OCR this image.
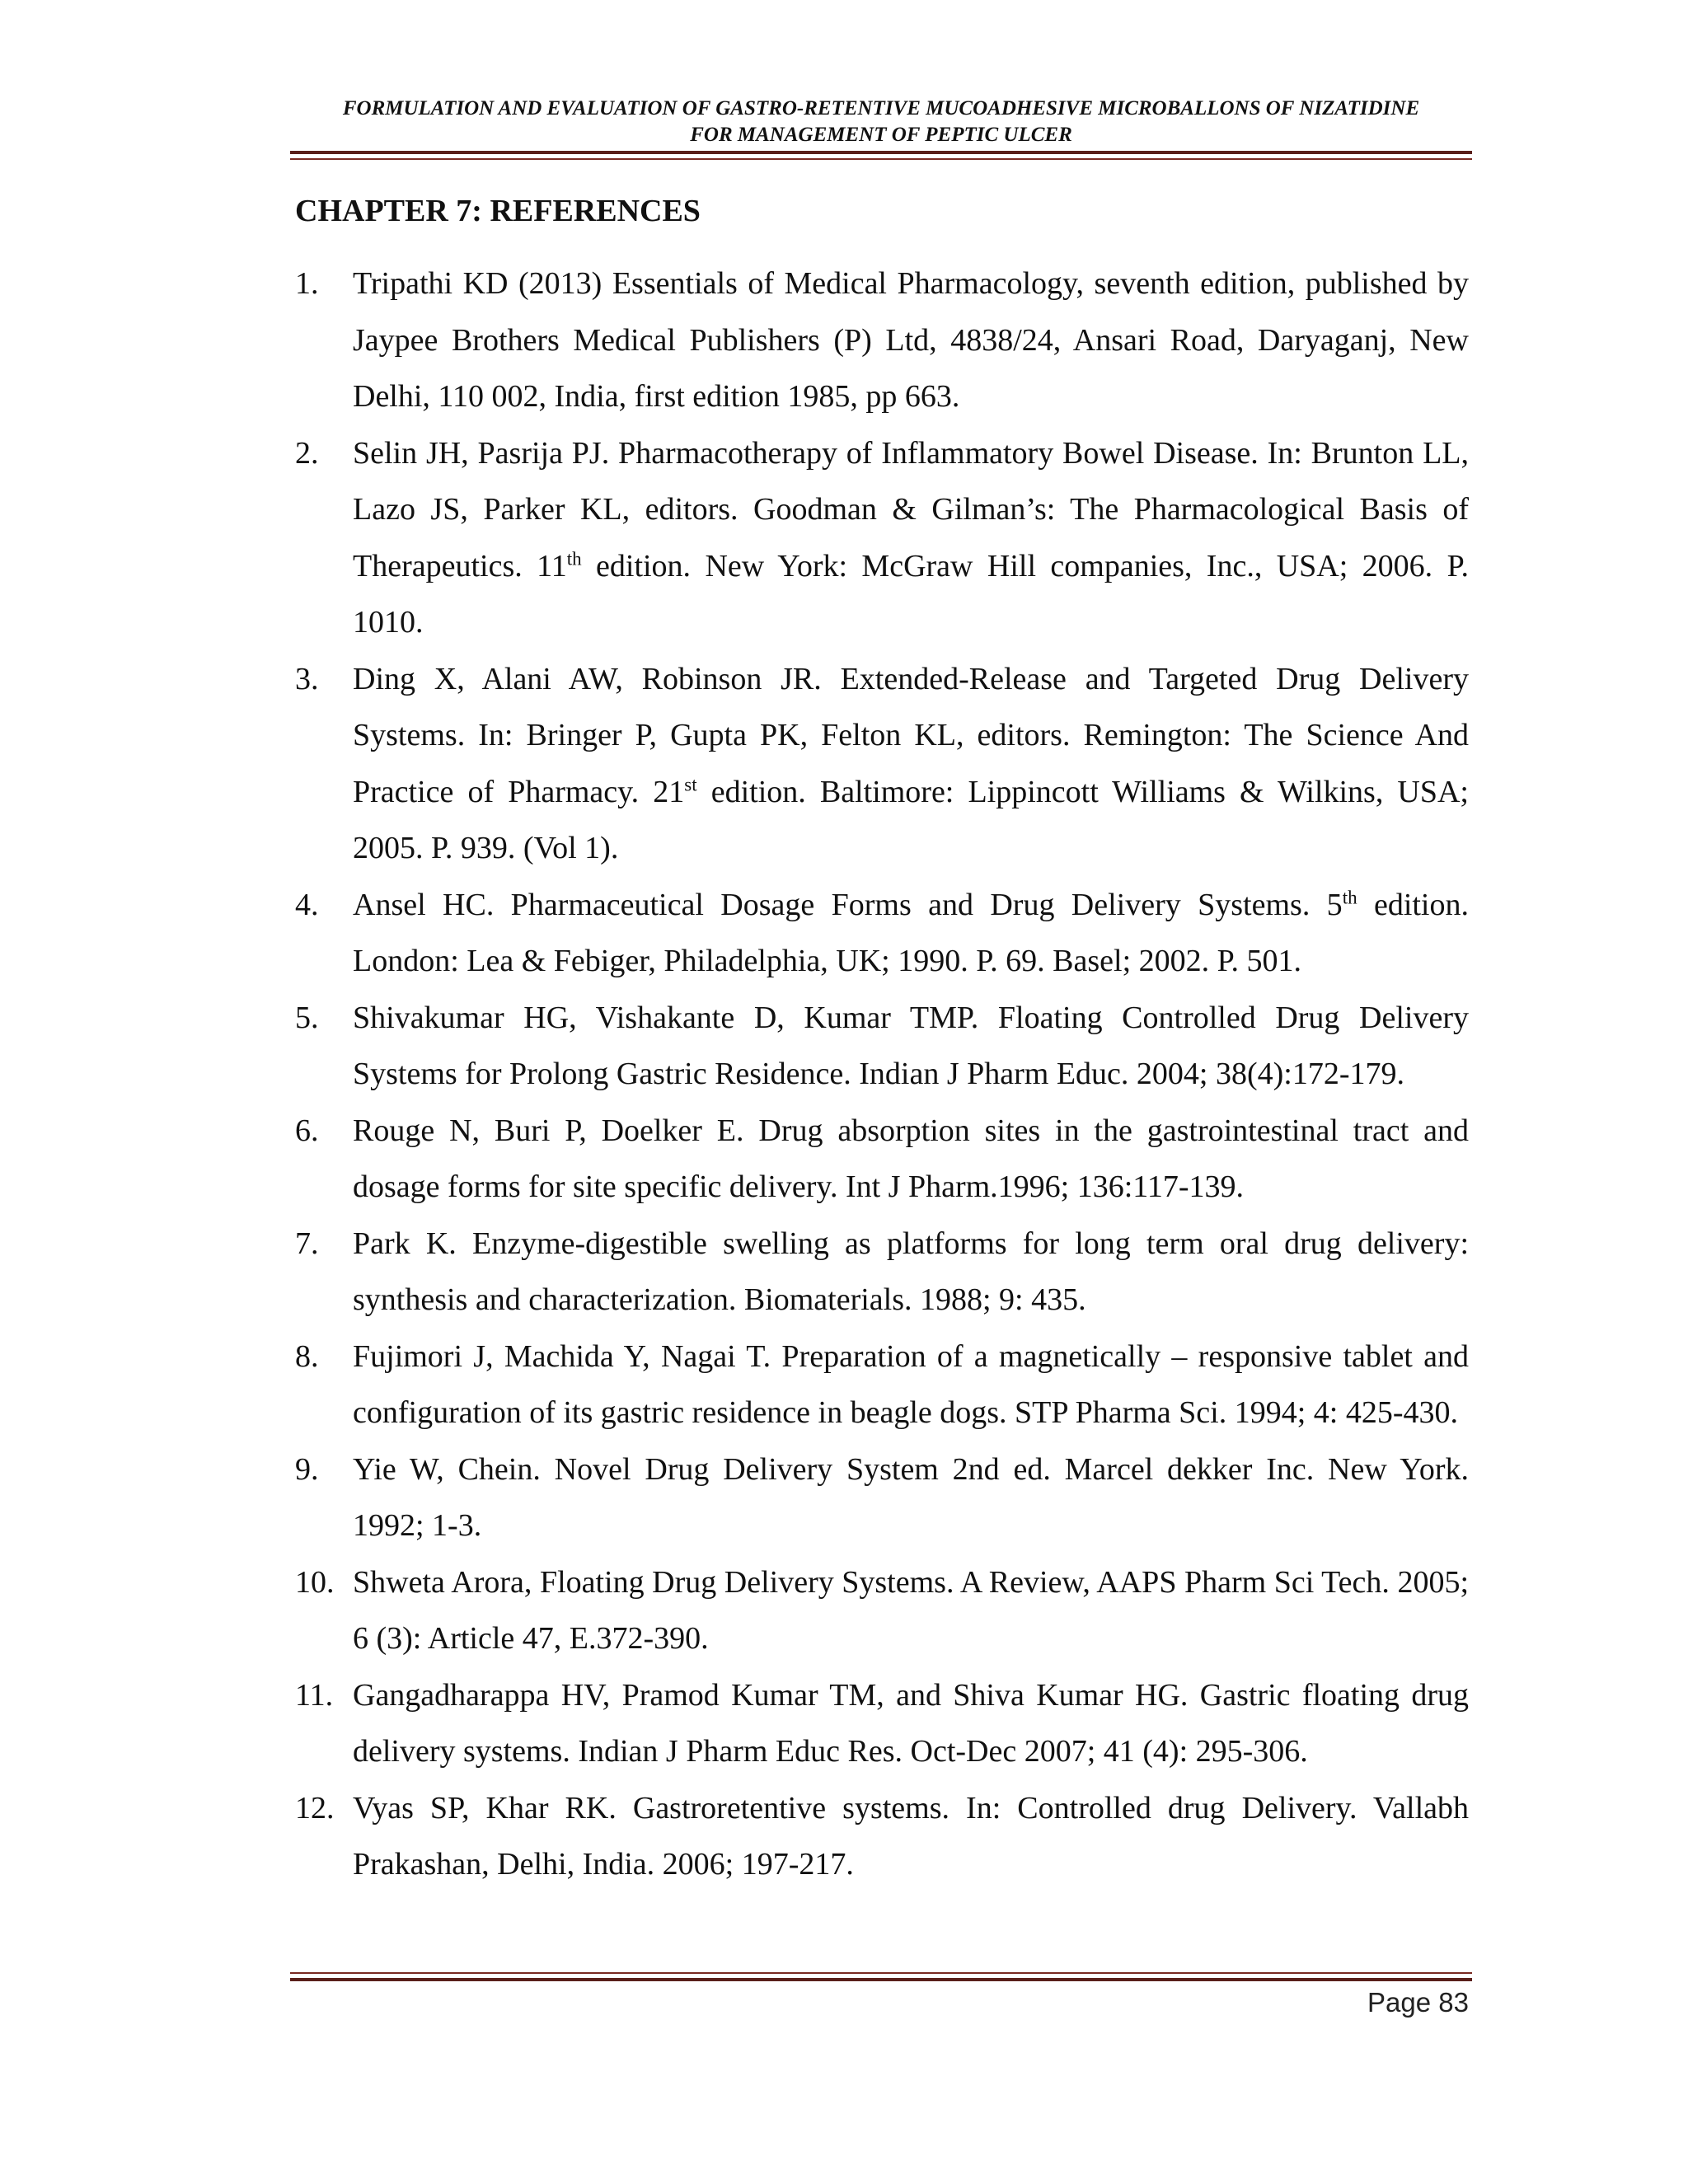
FORMULATION AND EVALUATION OF GASTRO-RETENTIVE MUCOADHESIVE MICROBALLONS OF NIZATIDINE
FOR MANAGEMENT OF PEPTIC ULCER
CHAPTER 7: REFERENCES
1.	Tripathi KD (2013) Essentials of Medical Pharmacology, seventh edition, published by Jaypee Brothers Medical Publishers (P) Ltd, 4838/24, Ansari Road, Daryaganj, New Delhi, 110 002, India, first edition 1985, pp 663.
2.	Selin JH, Pasrija PJ. Pharmacotherapy of Inflammatory Bowel Disease. In: Brunton LL, Lazo JS, Parker KL, editors. Goodman & Gilman’s: The Pharmacological Basis of Therapeutics. 11th edition. New York: McGraw Hill companies, Inc., USA; 2006. P. 1010.
3.	Ding X, Alani AW, Robinson JR. Extended-Release and Targeted Drug Delivery Systems. In: Bringer P, Gupta PK, Felton KL, editors. Remington: The Science And Practice of Pharmacy. 21st edition. Baltimore: Lippincott Williams & Wilkins, USA; 2005. P. 939. (Vol 1).
4.	Ansel HC. Pharmaceutical Dosage Forms and Drug Delivery Systems. 5th edition. London: Lea & Febiger, Philadelphia, UK; 1990. P. 69. Basel; 2002. P. 501.
5.	Shivakumar HG, Vishakante D, Kumar TMP. Floating Controlled Drug Delivery Systems for Prolong Gastric Residence. Indian J Pharm Educ. 2004; 38(4):172-179.
6.	Rouge N, Buri P, Doelker E. Drug absorption sites in the gastrointestinal tract and dosage forms for site specific delivery. Int J Pharm.1996; 136:117-139.
7.	Park K. Enzyme-digestible swelling as platforms for long term oral drug delivery: synthesis and characterization. Biomaterials. 1988; 9: 435.
8.	Fujimori J, Machida Y, Nagai T. Preparation of a magnetically – responsive tablet and configuration of its gastric residence in beagle dogs. STP Pharma Sci. 1994; 4: 425-430.
9.	Yie W, Chein. Novel Drug Delivery System 2nd ed. Marcel dekker Inc. New York. 1992; 1-3.
10. Shweta Arora, Floating Drug Delivery Systems. A Review, AAPS Pharm Sci Tech. 2005; 6 (3): Article 47, E.372-390.
11. Gangadharappa HV, Pramod Kumar TM, and Shiva Kumar HG. Gastric floating drug delivery systems. Indian J Pharm Educ Res. Oct-Dec 2007; 41 (4): 295-306.
12. Vyas SP, Khar RK. Gastroretentive systems. In: Controlled drug Delivery. Vallabh Prakashan, Delhi, India. 2006; 197-217.
Page 83
